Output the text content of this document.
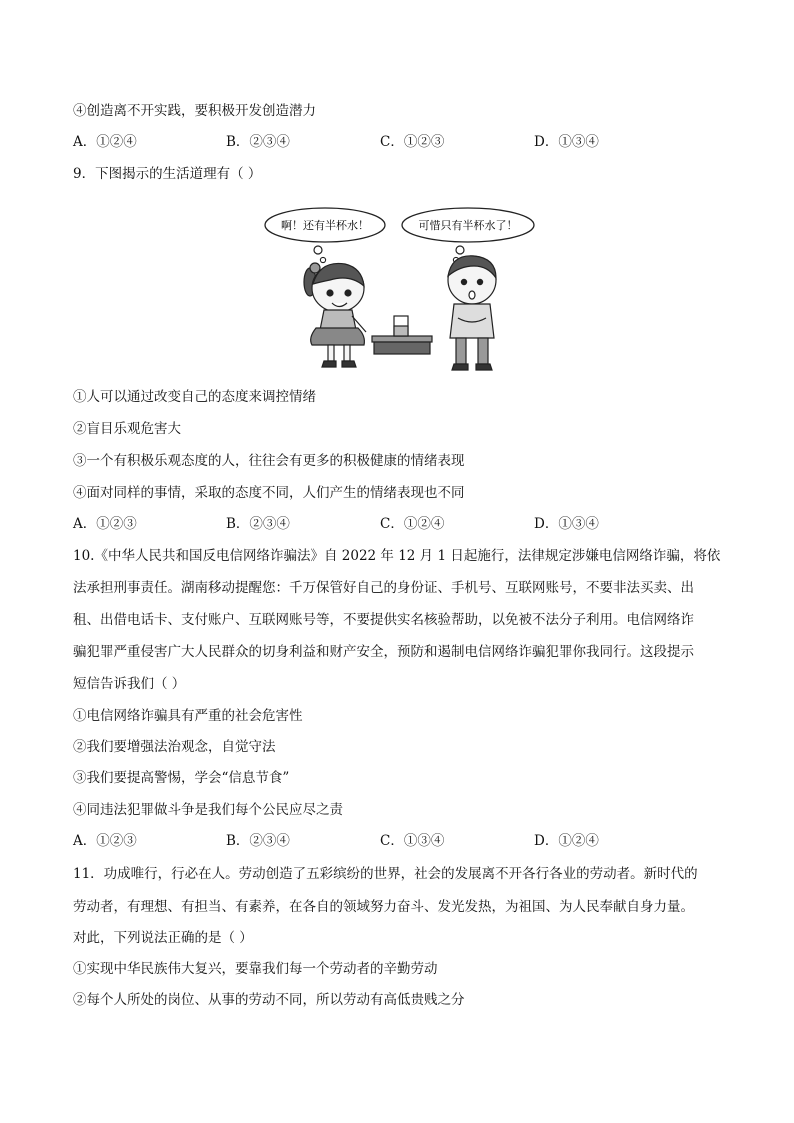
④创造离不开实践，要积极开发创造潜力
A．①②④	B．②③④	C．①②③	D．①③④
9．下图揭示的生活道理有（ ）
啊！还有半杯水！	可惜只有半杯水了！
①人可以通过改变自己的态度来调控情绪
②盲目乐观危害大
③一个有积极乐观态度的人，往往会有更多的积极健康的情绪表现
④面对同样的事情，采取的态度不同，人们产生的情绪表现也不同
A．①②③	B．②③④	C．①②④	D．①③④
10.《中华人民共和国反电信网络诈骗法》自 2022 年 12 月 1 日起施行，法律规定涉嫌电信网络诈骗，将依
法承担刑事责任。湖南移动提醒您：千万保管好自己的身份证、手机号、互联网账号，不要非法买卖、出
租、出借电话卡、支付账户、互联网账号等，不要提供实名核验帮助，以免被不法分子利用。电信网络诈
骗犯罪严重侵害广大人民群众的切身利益和财产安全，预防和遏制电信网络诈骗犯罪你我同行。这段提示
短信告诉我们（ ）
①电信网络诈骗具有严重的社会危害性
②我们要增强法治观念，自觉守法
③我们要提高警惕，学会“信息节食”
④同违法犯罪做斗争是我们每个公民应尽之责
A．①②③	B．②③④	C．①③④	D．①②④
11．功成唯行，行必在人。劳动创造了五彩缤纷的世界，社会的发展离不开各行各业的劳动者。新时代的
劳动者，有理想、有担当、有素养，在各自的领域努力奋斗、发光发热，为祖国、为人民奉献自身力量。
对此，下列说法正确的是（ ）
①实现中华民族伟大复兴，要靠我们每一个劳动者的辛勤劳动
②每个人所处的岗位、从事的劳动不同，所以劳动有高低贵贱之分
